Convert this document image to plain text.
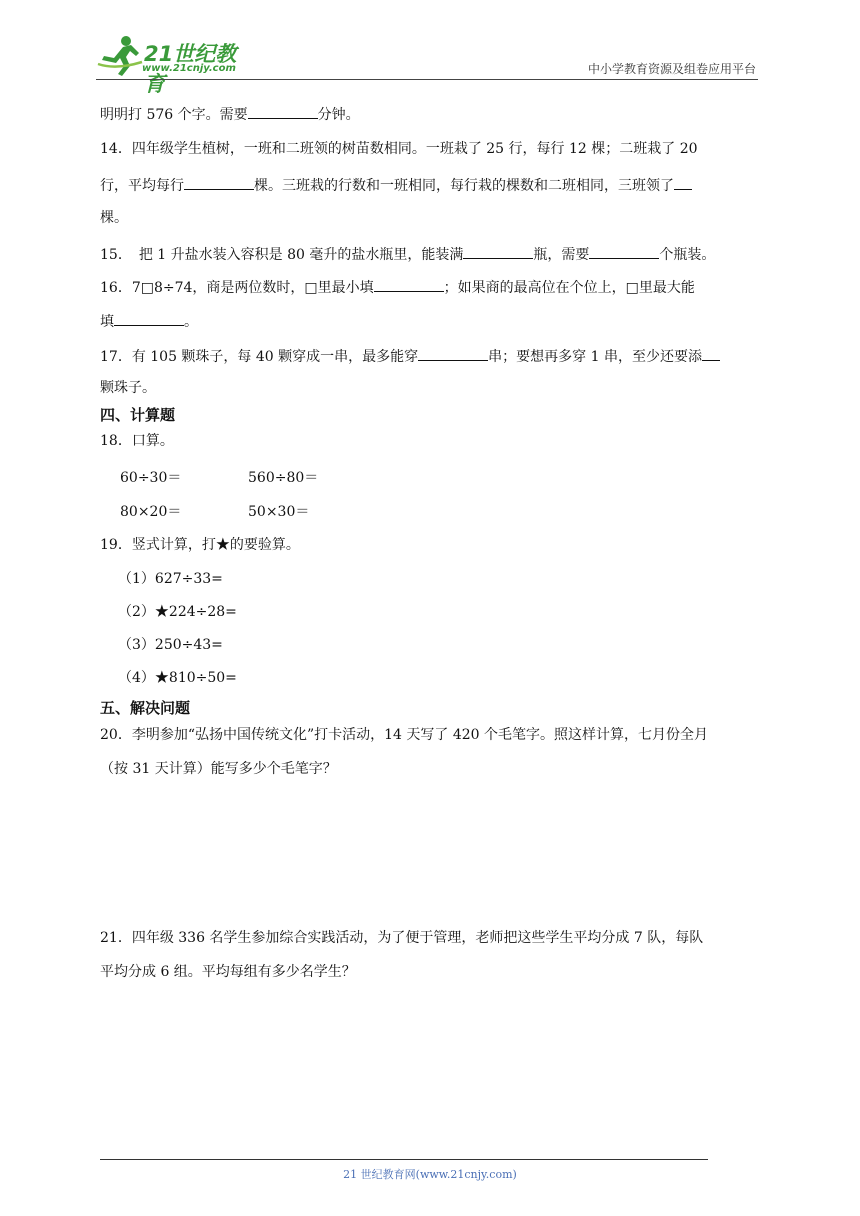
21世纪教育
www.21cnjy.com	中小学教育资源及组卷应用平台
明明打 576 个字。需要	分钟。
14．四年级学生植树，一班和二班领的树苗数相同。一班栽了 25 行，每行 12 棵；二班栽了 20
行，平均每行	棵。三班栽的行数和一班相同，每行栽的棵数和二班相同，三班领了
棵。
15．　把 1 升盐水装入容积是 80 毫升的盐水瓶里，能装满	瓶，需要	个瓶装。
16．7□8÷74，商是两位数时，□里最小填	；如果商的最高位在个位上，□里最大能
填	。
17．有 105 颗珠子，每 40 颗穿成一串，最多能穿	串；要想再多穿 1 串，至少还要添
颗珠子。
四、计算题
18．口算。
60÷30＝	560÷80＝
80×20＝	50×30＝
19．竖式计算，打★的要验算。
（1）627÷33=
（2）★224÷28=
（3）250÷43=
（4）★810÷50=
五、解决问题
20．李明参加“弘扬中国传统文化”打卡活动，14 天写了 420 个毛笔字。照这样计算，七月份全月
（按 31 天计算）能写多少个毛笔字？
21．四年级 336 名学生参加综合实践活动，为了便于管理，老师把这些学生平均分成 7 队，每队
平均分成 6 组。平均每组有多少名学生？
21 世纪教育网(www.21cnjy.com)
